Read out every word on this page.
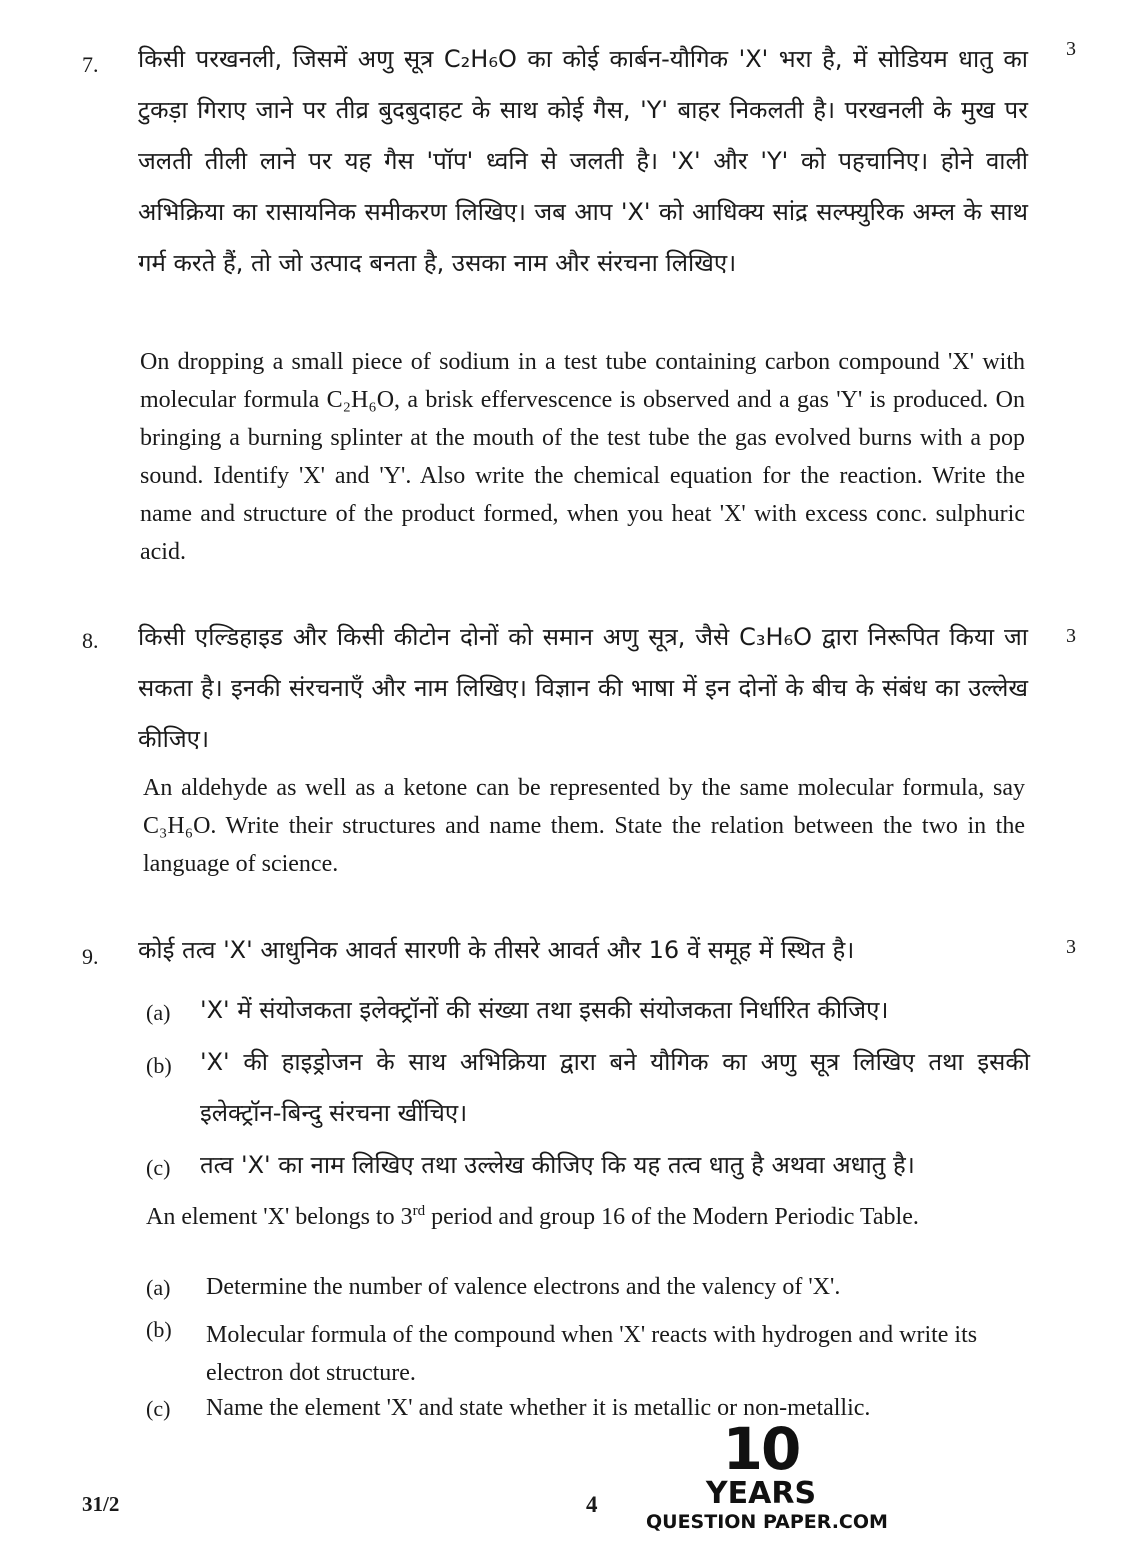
7.
3
किसी परखनली, जिसमें अणु सूत्र C₂H₆O का कोई कार्बन-यौगिक 'X' भरा है, में सोडियम धातु का टुकड़ा गिराए जाने पर तीव्र बुदबुदाहट के साथ कोई गैस, 'Y' बाहर निकलती है। परखनली के मुख पर जलती तीली लाने पर यह गैस 'पॉप' ध्वनि से जलती है। 'X' और 'Y' को पहचानिए। होने वाली अभिक्रिया का रासायनिक समीकरण लिखिए। जब आप 'X' को आधिक्य सांद्र सल्फ्युरिक अम्ल के साथ गर्म करते हैं, तो जो उत्पाद बनता है, उसका नाम और संरचना लिखिए।
On dropping a small piece of sodium in a test tube containing carbon compound 'X' with molecular formula C₂H₆O, a brisk effervescence is observed and a gas 'Y' is produced. On bringing a burning splinter at the mouth of the test tube the gas evolved burns with a pop sound. Identify 'X' and 'Y'. Also write the chemical equation for the reaction. Write the name and structure of the product formed, when you heat 'X' with excess conc. sulphuric acid.
8.	3
किसी एल्डिहाइड और किसी कीटोन दोनों को समान अणु सूत्र, जैसे C₃H₆O द्वारा निरूपित किया जा सकता है। इनकी संरचनाएँ और नाम लिखिए। विज्ञान की भाषा में इन दोनों के बीच के संबंध का उल्लेख कीजिए।
An aldehyde as well as a ketone can be represented by the same molecular formula, say C₃H₆O. Write their structures and name them. State the relation between the two in the language of science.
9.	3
कोई तत्व 'X' आधुनिक आवर्त सारणी के तीसरे आवर्त और 16 वें समूह में स्थित है।
(a) 'X' में संयोजकता इलेक्ट्रॉनों की संख्या तथा इसकी संयोजकता निर्धारित कीजिए।
(b) 'X' की हाइड्रोजन के साथ अभिक्रिया द्वारा बने यौगिक का अणु सूत्र लिखिए तथा इसकी इलेक्ट्रॉन-बिन्दु संरचना खींचिए।
(c) तत्व 'X' का नाम लिखिए तथा उल्लेख कीजिए कि यह तत्व धातु है अथवा अधातु है।
An element 'X' belongs to 3rd period and group 16 of the Modern Periodic Table.
(a) Determine the number of valence electrons and the valency of 'X'.
(b) Molecular formula of the compound when 'X' reacts with hydrogen and write its electron dot structure.
(c) Name the element 'X' and state whether it is metallic or non-metallic.
31/2	4
10
YEARS
QUESTION PAPER.COM
